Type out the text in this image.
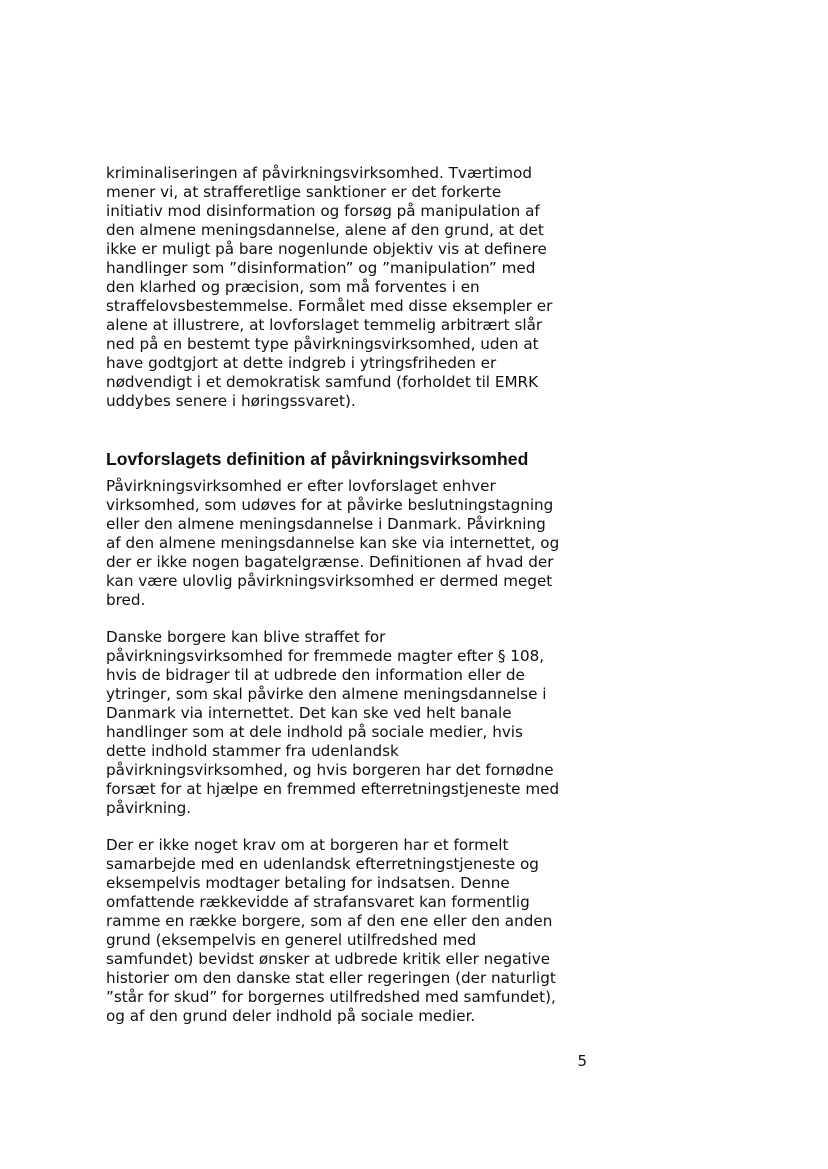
kriminaliseringen af påvirkningsvirksomhed. Tværtimod

mener vi, at strafferetlige sanktioner er det forkerte

initiativ mod disinformation og forsøg på manipulation af

den almene meningsdannelse, alene af den grund, at det

ikke er muligt på bare nogenlunde objektiv vis at definere

handlinger som ”disinformation” og ”manipulation” med

den klarhed og præcision, som må forventes i en

straffelovsbestemmelse. Formålet med disse eksempler er

alene at illustrere, at lovforslaget temmelig arbitrært slår

ned på en bestemt type påvirkningsvirksomhed, uden at

have godtgjort at dette indgreb i ytringsfriheden er

nødvendigt i et demokratisk samfund (forholdet til EMRK

uddybes senere i høringssvaret).

Lovforslagets definition af påvirkningsvirksomhed

Påvirkningsvirksomhed er efter lovforslaget enhver

virksomhed, som udøves for at påvirke beslutningstagning

eller den almene meningsdannelse i Danmark. Påvirkning

af den almene meningsdannelse kan ske via internettet, og

der er ikke nogen bagatelgrænse. Definitionen af hvad der

kan være ulovlig påvirkningsvirksomhed er dermed meget

bred.

Danske borgere kan blive straffet for

påvirkningsvirksomhed for fremmede magter efter § 108,

hvis de bidrager til at udbrede den information eller de

ytringer, som skal påvirke den almene meningsdannelse i

Danmark via internettet. Det kan ske ved helt banale

handlinger som at dele indhold på sociale medier, hvis

dette indhold stammer fra udenlandsk

påvirkningsvirksomhed, og hvis borgeren har det fornødne

forsæt for at hjælpe en fremmed efterretningstjeneste med

påvirkning.

Der er ikke noget krav om at borgeren har et formelt

samarbejde med en udenlandsk efterretningstjeneste og

eksempelvis modtager betaling for indsatsen. Denne

omfattende rækkevidde af strafansvaret kan formentlig

ramme en række borgere, som af den ene eller den anden

grund (eksempelvis en generel utilfredshed med

samfundet) bevidst ønsker at udbrede kritik eller negative

historier om den danske stat eller regeringen (der naturligt

”står for skud” for borgernes utilfredshed med samfundet),

og af den grund deler indhold på sociale medier.

5
